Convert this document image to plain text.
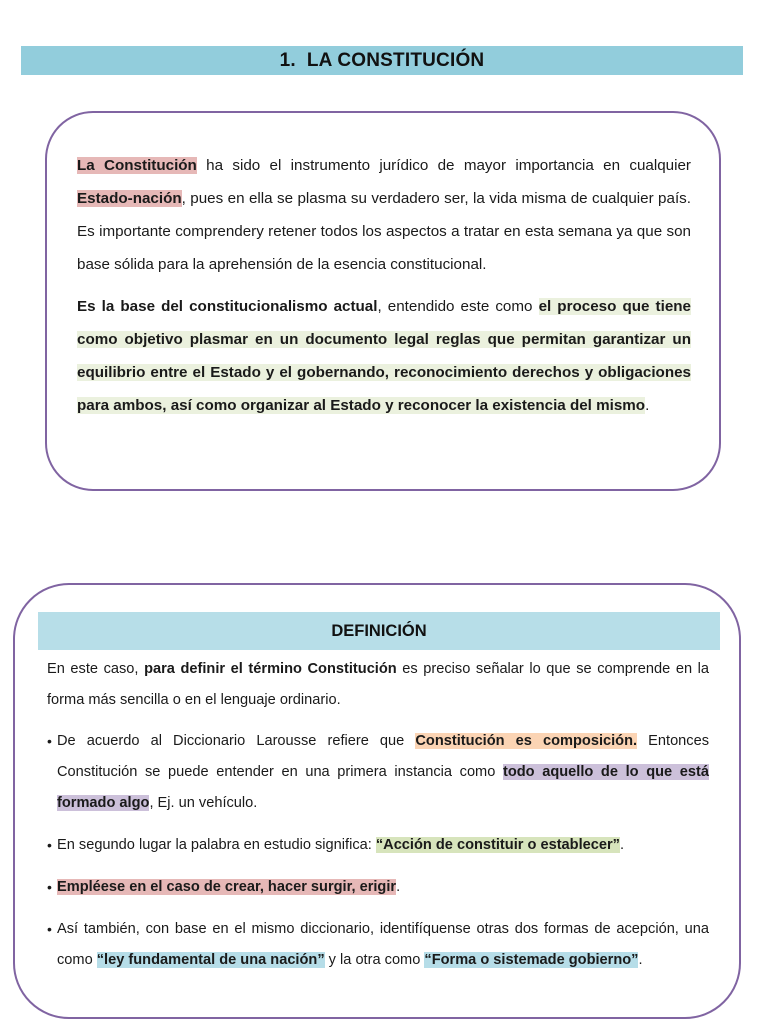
1. LA CONSTITUCIÓN

La Constitución ha sido el instrumento jurídico de mayor importancia en cualquier Estado-nación, pues en ella se plasma su verdadero ser, la vida misma de cualquier país. Es importante comprendery retener todos los aspectos a tratar en esta semana ya que son base sólida para la aprehensión de la esencia constitucional.

Es la base del constitucionalismo actual, entendido este como el proceso que tiene como objetivo plasmar en un documento legal reglas que permitan garantizar un equilibrio entre el Estado y el gobernando, reconocimiento derechos y obligaciones para ambos, así como organizar al Estado y reconocer la existencia del mismo.

DEFINICIÓN

En este caso, para definir el término Constitución es preciso señalar lo que se comprende en la forma más sencilla o en el lenguaje ordinario.

• De acuerdo al Diccionario Larousse refiere que Constitución es composición. Entonces Constitución se puede entender en una primera instancia como todo aquello de lo que está formado algo, Ej. un vehículo.
• En segundo lugar la palabra en estudio significa: “Acción de constituir o establecer”.
• Empléese en el caso de crear, hacer surgir, erigir.
• Así también, con base en el mismo diccionario, identifíquense otras dos formas de acepción, una como “ley fundamental de una nación” y la otra como “Forma o sistemade gobierno”.
